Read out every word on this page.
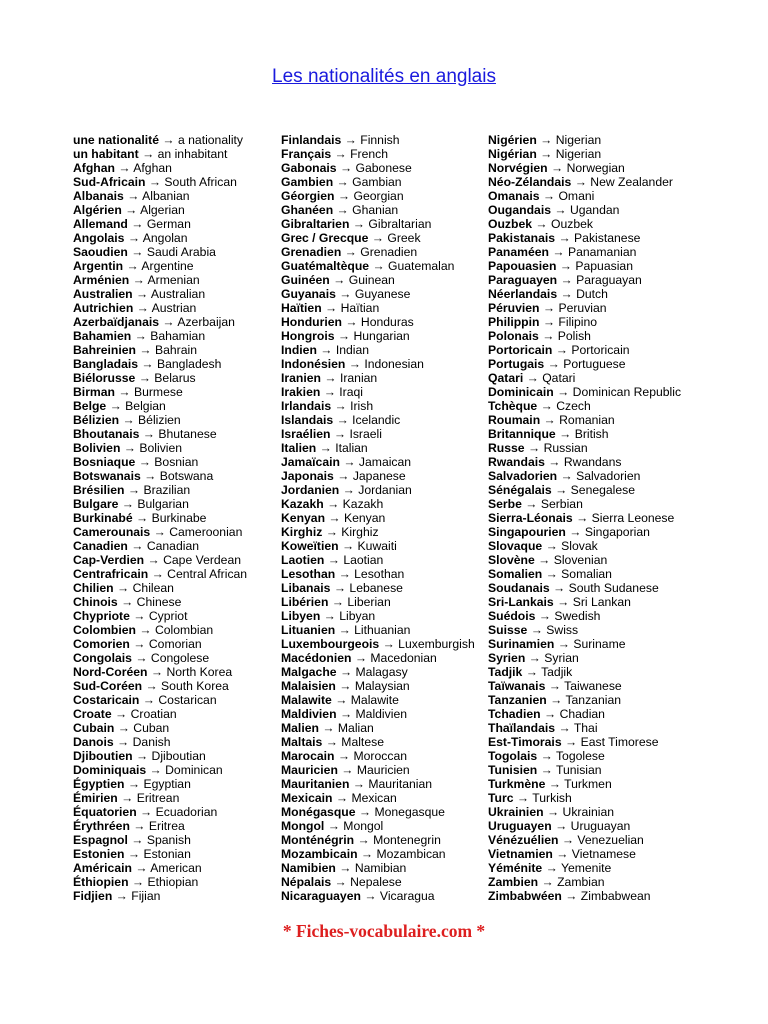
Les nationalités en anglais
une nationalité → a nationality
un habitant → an inhabitant
Afghan → Afghan
Sud-Africain → South African
Albanais → Albanian
Algérien → Algerian
Allemand → German
Angolais → Angolan
Saoudien → Saudi Arabia
Argentin → Argentine
Arménien → Armenian
Australien → Australian
Autrichien → Austrian
Azerbaïdjanais → Azerbaijan
Bahamien → Bahamian
Bahreinien → Bahrain
Bangladais → Bangladesh
Biélorusse → Belarus
Birman → Burmese
Belge → Belgian
Bélizien → Bélizien
Bhoutanais → Bhutanese
Bolivien → Bolivien
Bosniaque → Bosnian
Botswanais → Botswana
Brésilien → Brazilian
Bulgare → Bulgarian
Burkinabé → Burkinabe
Camerounais → Cameroonian
Canadien → Canadian
Cap-Verdien → Cape Verdean
Centrafricain → Central African
Chilien → Chilean
Chinois → Chinese
Chypriote → Cypriot
Colombien → Colombian
Comorien → Comorian
Congolais → Congolese
Nord-Coréen → North Korea
Sud-Coréen → South Korea
Costaricain → Costarican
Croate → Croatian
Cubain → Cuban
Danois → Danish
Djiboutien → Djiboutian
Dominiquais → Dominican
Égyptien → Egyptian
Émirien → Eritrean
Équatorien → Ecuadorian
Érythréen → Eritrea
Espagnol → Spanish
Estonien → Estonian
Américain → American
Éthiopien → Ethiopian
Fidjien → Fijian
Finlandais → Finnish
Français → French
Gabonais → Gabonese
Gambien → Gambian
Géorgien → Georgian
Ghanéen → Ghanian
Gibraltarien → Gibraltarian
Grec / Grecque → Greek
Grenadien → Grenadien
Guatémaltèque → Guatemalan
Guinéen → Guinean
Guyanais → Guyanese
Haïtien → Haïtian
Hondurien → Honduras
Hongrois → Hungarian
Indien → Indian
Indonésien → Indonesian
Iranien → Iranian
Irakien → Iraqi
Irlandais → Irish
Islandais → Icelandic
Israélien → Israeli
Italien → Italian
Jamaïcain → Jamaican
Japonais → Japanese
Jordanien → Jordanian
Kazakh → Kazakh
Kenyan → Kenyan
Kirghiz → Kirghiz
Koweïtien → Kuwaiti
Laotien → Laotian
Lesothan → Lesothan
Libanais → Lebanese
Libérien → Liberian
Libyen → Libyan
Lituanien → Lithuanian
Luxembourgeois → Luxemburgish
Macédonien → Macedonian
Malgache → Malagasy
Malaisien → Malaysian
Malawite → Malawite
Maldivien → Maldivien
Malien → Malian
Maltais → Maltese
Marocain → Moroccan
Mauricien → Mauricien
Mauritanien → Mauritanian
Mexicain → Mexican
Monégasque → Monegasque
Mongol → Mongol
Monténégrin → Montenegrin
Mozambicain → Mozambican
Namibien → Namibian
Népalais → Nepalese
Nicaraguayen → Vicaragua
Nigérien → Nigerian
Nigérian → Nigerian
Norvégien → Norwegian
Néo-Zélandais → New Zealander
Omanais → Omani
Ougandais → Ugandan
Ouzbek → Ouzbek
Pakistanais → Pakistanese
Panaméen → Panamanian
Papouasien → Papuasian
Paraguayen → Paraguayan
Néerlandais → Dutch
Péruvien → Peruvian
Philippin → Filipino
Polonais → Polish
Portoricain → Portoricain
Portugais → Portuguese
Qatari → Qatari
Dominicain → Dominican Republic
Tchèque → Czech
Roumain → Romanian
Britannique → British
Russe → Russian
Rwandais → Rwandans
Salvadorien → Salvadorien
Sénégalais → Senegalese
Serbe → Serbian
Sierra-Léonais → Sierra Leonese
Singapourien → Singaporian
Slovaque → Slovak
Slovène → Slovenian
Somalien → Somalian
Soudanais → South Sudanese
Sri-Lankais → Sri Lankan
Suédois → Swedish
Suisse → Swiss
Surinamien → Suriname
Syrien → Syrian
Tadjik → Tadjik
Taïwanais → Taiwanese
Tanzanien → Tanzanian
Tchadien → Chadian
Thaïlandais → Thai
Est-Timorais → East Timorese
Togolais → Togolese
Tunisien → Tunisian
Turkmène → Turkmen
Turc → Turkish
Ukrainien → Ukrainian
Uruguayen → Uruguayan
Vénézuélien → Venezuelian
Vietnamien → Vietnamese
Yéménite → Yemenite
Zambien → Zambian
Zimbabwéen → Zimbabwean
* Fiches-vocabulaire.com *
